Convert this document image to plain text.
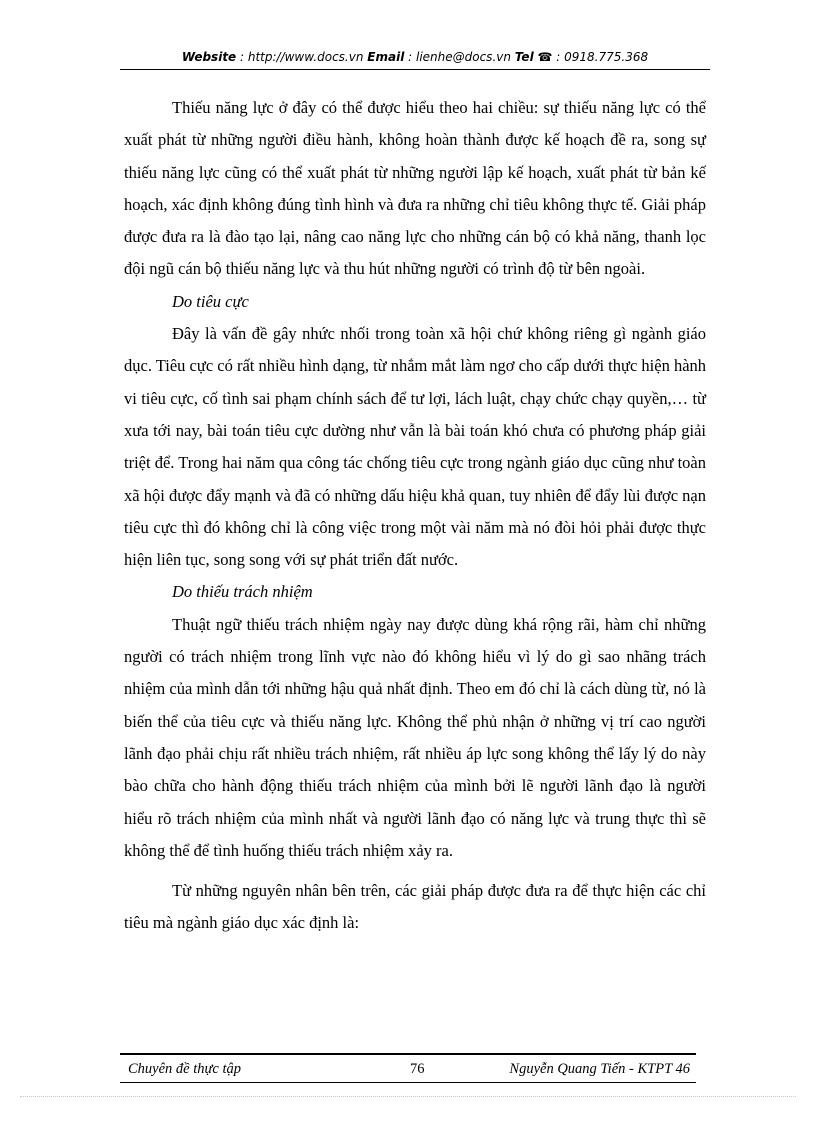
Website : http://www.docs.vn Email : lienhe@docs.vn Tel ☎ : 0918.775.368

Thiếu năng lực ở đây có thể được hiểu theo hai chiều: sự thiếu năng lực có thể xuất phát từ những người điều hành, không hoàn thành được kế hoạch đề ra, song sự thiếu năng lực cũng có thể xuất phát từ những người lập kế hoạch, xuất phát từ bản kế hoạch, xác định không đúng tình hình và đưa ra những chỉ tiêu không thực tế. Giải pháp được đưa ra là đào tạo lại, nâng cao năng lực cho những cán bộ có khả năng, thanh lọc đội ngũ cán bộ thiếu năng lực và thu hút những người có trình độ từ bên ngoài.

Do tiêu cực

Đây là vấn đề gây nhức nhối trong toàn xã hội chứ không riêng gì ngành giáo dục. Tiêu cực có rất nhiều hình dạng, từ nhắm mắt làm ngơ cho cấp dưới thực hiện hành vi tiêu cực, cố tình sai phạm chính sách để tư lợi, lách luật, chạy chức chạy quyền,… từ xưa tới nay, bài toán tiêu cực dường như vẫn là bài toán khó chưa có phương pháp giải triệt để. Trong hai năm qua công tác chống tiêu cực trong ngành giáo dục cũng như toàn xã hội được đẩy mạnh và đã có những dấu hiệu khả quan, tuy nhiên để đẩy lùi được nạn tiêu cực thì đó không chỉ là công việc trong một vài năm mà nó đòi hỏi phải được thực hiện liên tục, song song với sự phát triển đất nước.

Do thiếu trách nhiệm

Thuật ngữ thiếu trách nhiệm ngày nay được dùng khá rộng rãi, hàm chỉ những người có trách nhiệm trong lĩnh vực nào đó không hiểu vì lý do gì sao nhãng trách nhiệm của mình dẫn tới những hậu quả nhất định. Theo em đó chỉ là cách dùng từ, nó là biến thể của tiêu cực và thiếu năng lực. Không thể phủ nhận ở những vị trí cao người lãnh đạo phải chịu rất nhiều trách nhiệm, rất nhiều áp lực song không thể lấy lý do này bào chữa cho hành động thiếu trách nhiệm của mình bởi lẽ người lãnh đạo là người hiểu rõ trách nhiệm của mình nhất và người lãnh đạo có năng lực và trung thực thì sẽ không thể để tình huống thiếu trách nhiệm xảy ra.

Từ những nguyên nhân bên trên, các giải pháp được đưa ra để thực hiện các chỉ tiêu mà ngành giáo dục xác định là:

Chuyên đề thực tập	76	Nguyễn Quang Tiến - KTPT 46
